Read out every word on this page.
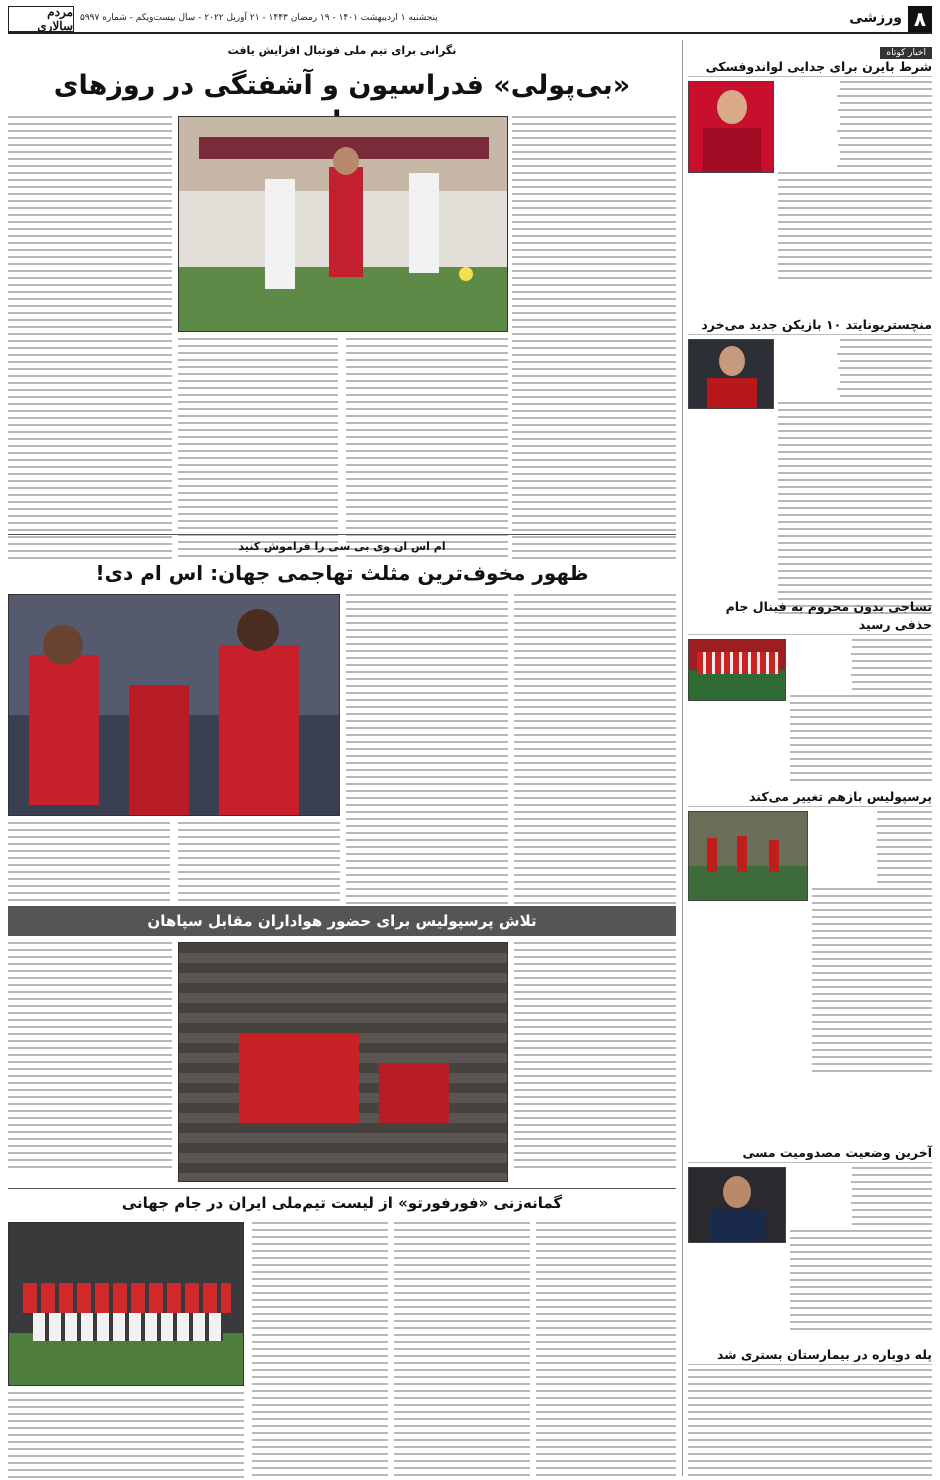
۸
ورزشی
پنجشنبه ۱ اردیبهشت ۱۴۰۱ - ۱۹ رمضان ۱۴۴۳ - ۲۱ آوریل ۲۰۲۲ - سال بیست‌ویکم - شماره ۵۹۹۷
مردم سالاری
اخبار کوتاه
شرط بایرن برای جدایی لواندوفسکی
منچستریونایتد ۱۰ بازیکن جدید می‌خرد
تساجی بدون محروم به فینال جام حذفی رسید
پرسپولیس بازهم تغییر می‌کند
آخرین وضعیت مصدومیت مسی
پله دوباره در بیمارستان بستری شد
نگرانی برای تیم ملی فوتبال افزایش یافت
«بی‌پولی» فدراسیون و آشفتگی در روزهای
ام اس ان وی بی سی را فراموش کنید
ظهور مخوف‌ترین مثلث تهاجمی جهان: اس ام دی!
تلاش پرسپولیس برای حضور هواداران مقابل سپاهان
گمانه‌زنی «فورفورتو» از لیست تیم‌ملی ایران در جام جهانی
